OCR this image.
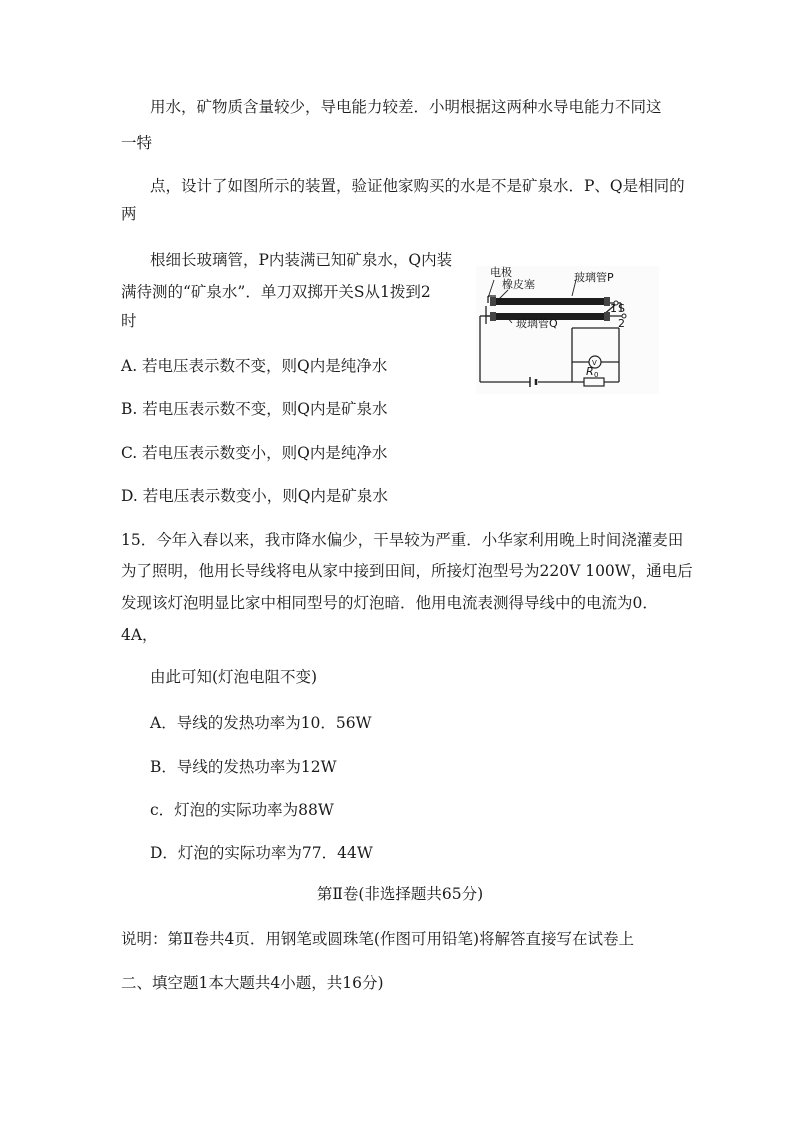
用水，矿物质含量较少，导电能力较差．小明根据这两种水导电能力不同这
一特
点，设计了如图所示的装置，验证他家购买的水是不是矿泉水．P、Q是相同的
两
根细长玻璃管，P内装满已知矿泉水，Q内装
满待测的“矿泉水”．单刀双掷开关S从1拨到2
时
电极
橡皮塞
玻璃管P
玻璃管Q
1 S
2
V
R 0
A. 若电压表示数不变，则Q内是纯净水
B. 若电压表示数不变，则Q内是矿泉水
C. 若电压表示数变小，则Q内是纯净水
D. 若电压表示数变小，则Q内是矿泉水
15．今年入春以来，我市降水偏少，干旱较为严重．小华家利用晚上时间浇灌麦田
为了照明，他用长导线将电从家中接到田间，所接灯泡型号为220V 100W，通电后
发现该灯泡明显比家中相同型号的灯泡暗．他用电流表测得导线中的电流为0．
4A，
由此可知(灯泡电阻不变)
A．导线的发热功率为10．56W
B．导线的发热功率为12W
c．灯泡的实际功率为88W
D．灯泡的实际功率为77．44W
第Ⅱ卷(非选择题共65分)
说明：第Ⅱ卷共4页．用钢笔或圆珠笔(作图可用铅笔)将解答直接写在试卷上
二、填空题1本大题共4小题，共16分)
